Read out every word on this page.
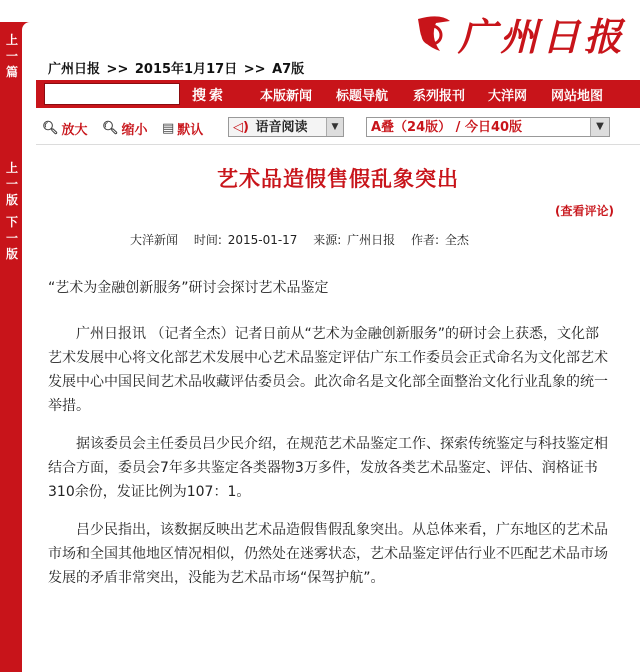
上
一
篇
上
一
版
下
一
版
广州日报
广州日报 >> 2015年1月17日 >> A7版
搜索	本版新闻 标题导航 系列报刊 大洋网 网站地图
🔍︎ 放大 🔍︎ 缩小 ▤ 默认	◁) 语音阅读	▼	A叠（24版） / 今日40版	▼
艺术品造假售假乱象突出
(查看评论)
大洋新闻 时间: 2015-01-17 来源: 广州日报 作者: 全杰

“艺术为金融创新服务”研讨会探讨艺术品鉴定

广州日报讯 （记者全杰）记者日前从“艺术为金融创新服务”的研讨会上获悉，文化部艺术发展中心将文化部艺术发展中心艺术品鉴定评估广东工作委员会正式命名为文化部艺术发展中心中国民间艺术品收藏评估委员会。此次命名是文化部全面整治文化行业乱象的统一举措。

据该委员会主任委员吕少民介绍，在规范艺术品鉴定工作、探索传统鉴定与科技鉴定相结合方面，委员会7年多共鉴定各类器物3万多件，发放各类艺术品鉴定、评估、润格证书310余份，发证比例为107：1。

吕少民指出，该数据反映出艺术品造假售假乱象突出。从总体来看，广东地区的艺术品市场和全国其他地区情况相似，仍然处在迷雾状态，艺术品鉴定评估行业不匹配艺术品市场发展的矛盾非常突出，没能为艺术品市场“保驾护航”。
